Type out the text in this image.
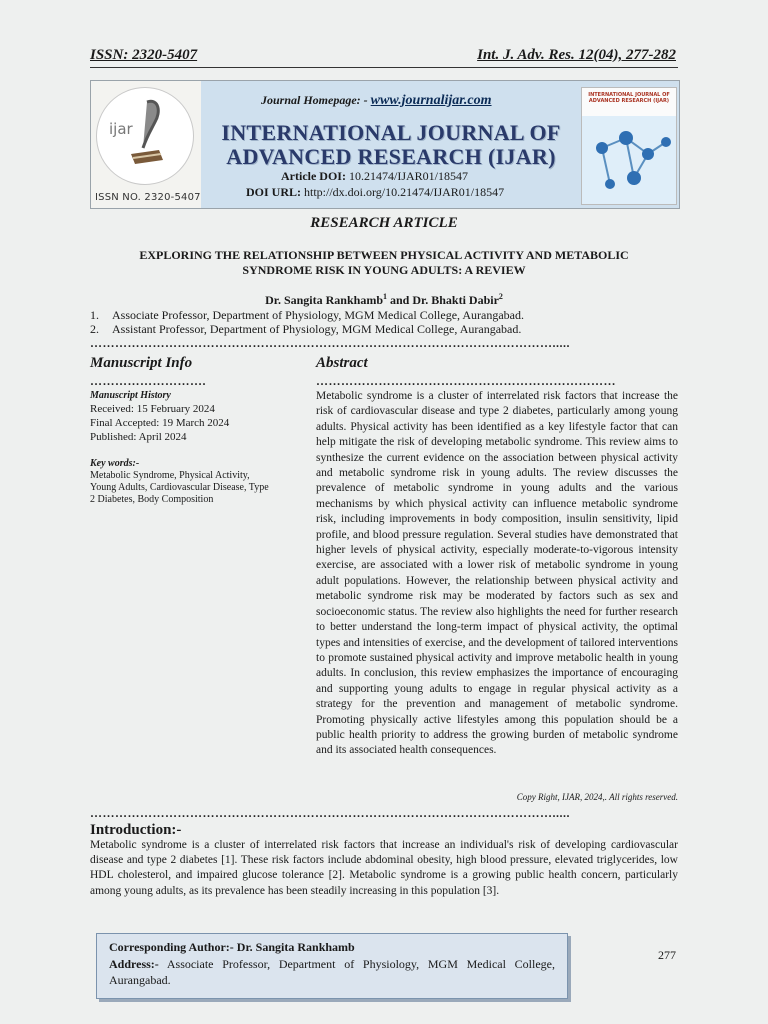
ISSN: 2320-5407	Int. J. Adv. Res. 12(04), 277-282
ijar
ISSN NO. 2320-5407
Journal Homepage: - www.journalijar.com
INTERNATIONAL JOURNAL OF
ADVANCED RESEARCH (IJAR)
Article DOI: 10.21474/IJAR01/18547
DOI URL: http://dx.doi.org/10.21474/IJAR01/18547
INTERNATIONAL JOURNAL OF ADVANCED RESEARCH (IJAR)
RESEARCH ARTICLE
EXPLORING THE RELATIONSHIP BETWEEN PHYSICAL ACTIVITY AND METABOLIC
SYNDROME RISK IN YOUNG ADULTS: A REVIEW
Dr. Sangita Rankhamb$^1$ and Dr. Bhakti Dabir$^2$
1. Associate Professor, Department of Physiology, MGM Medical College, Aurangabad.
2. Assistant Professor, Department of Physiology, MGM Medical College, Aurangabad.
………………………………………………………………………………………………….....
Manuscript Info	Abstract
……………………….	………………………………………………………………
Manuscript History
Received: 15 February 2024
Final Accepted: 19 March 2024
Published: April 2024
Key words:-
Metabolic Syndrome, Physical Activity, Young Adults, Cardiovascular Disease, Type 2 Diabetes, Body Composition
Metabolic syndrome is a cluster of interrelated risk factors that increase the risk of cardiovascular disease and type 2 diabetes, particularly among young adults. Physical activity has been identified as a key lifestyle factor that can help mitigate the risk of developing metabolic syndrome. This review aims to synthesize the current evidence on the association between physical activity and metabolic syndrome risk in young adults. The review discusses the prevalence of metabolic syndrome in young adults and the various mechanisms by which physical activity can influence metabolic syndrome risk, including improvements in body composition, insulin sensitivity, lipid profile, and blood pressure regulation. Several studies have demonstrated that higher levels of physical activity, especially moderate-to-vigorous intensity exercise, are associated with a lower risk of metabolic syndrome in young adult populations. However, the relationship between physical activity and metabolic syndrome risk may be moderated by factors such as sex and socioeconomic status. The review also highlights the need for further research to better understand the long-term impact of physical activity, the optimal types and intensities of exercise, and the development of tailored interventions to promote sustained physical activity and improve metabolic health in young adults. In conclusion, this review emphasizes the importance of encouraging and supporting young adults to engage in regular physical activity as a strategy for the prevention and management of metabolic syndrome. Promoting physically active lifestyles among this population should be a public health priority to address the growing burden of metabolic syndrome and its associated health consequences.
Copy Right, IJAR, 2024,. All rights reserved.
………………………………………………………………………………………………….....
Introduction:-
Metabolic syndrome is a cluster of interrelated risk factors that increase an individual's risk of developing cardiovascular disease and type 2 diabetes [1]. These risk factors include abdominal obesity, high blood pressure, elevated triglycerides, low HDL cholesterol, and impaired glucose tolerance [2]. Metabolic syndrome is a growing public health concern, particularly among young adults, as its prevalence has been steadily increasing in this population [3].
Corresponding Author:- Dr. Sangita Rankhamb
Address:- Associate Professor, Department of Physiology, MGM Medical College, Aurangabad.
277
